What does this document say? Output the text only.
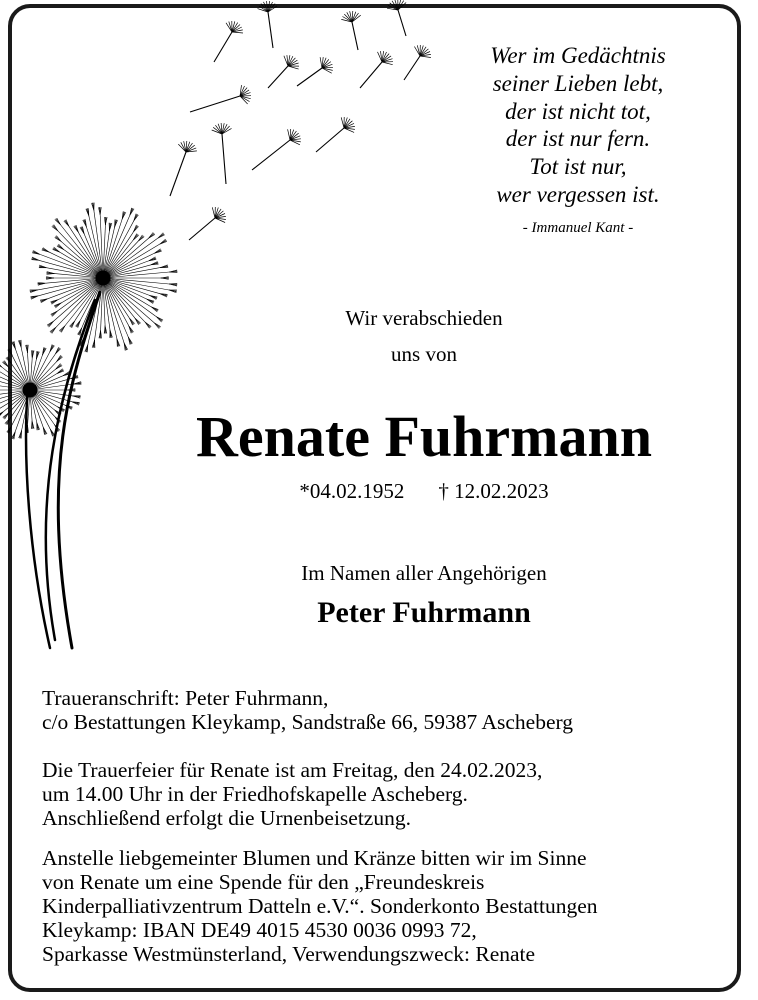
Wer im Gedächtnis
seiner Lieben lebt,
der ist nicht tot,
der ist nur fern.
Tot ist nur,
wer vergessen ist.
- Immanuel Kant -
Wir verabschieden
uns von
Renate Fuhrmann
*04.02.1952 † 12.02.2023
Im Namen aller Angehörigen
Peter Fuhrmann
Traueranschrift: Peter Fuhrmann,
c/o Bestattungen Kleykamp, Sandstraße 66, 59387 Ascheberg
Die Trauerfeier für Renate ist am Freitag, den 24.02.2023,
um 14.00 Uhr in der Friedhofskapelle Ascheberg.
Anschließend erfolgt die Urnenbeisetzung.
Anstelle liebgemeinter Blumen und Kränze bitten wir im Sinne
von Renate um eine Spende für den „Freundeskreis
Kinderpalliativzentrum Datteln e.V.“. Sonderkonto Bestattungen
Kleykamp: IBAN DE49 4015 4530 0036 0993 72,
Sparkasse Westmünsterland, Verwendungszweck: Renate
